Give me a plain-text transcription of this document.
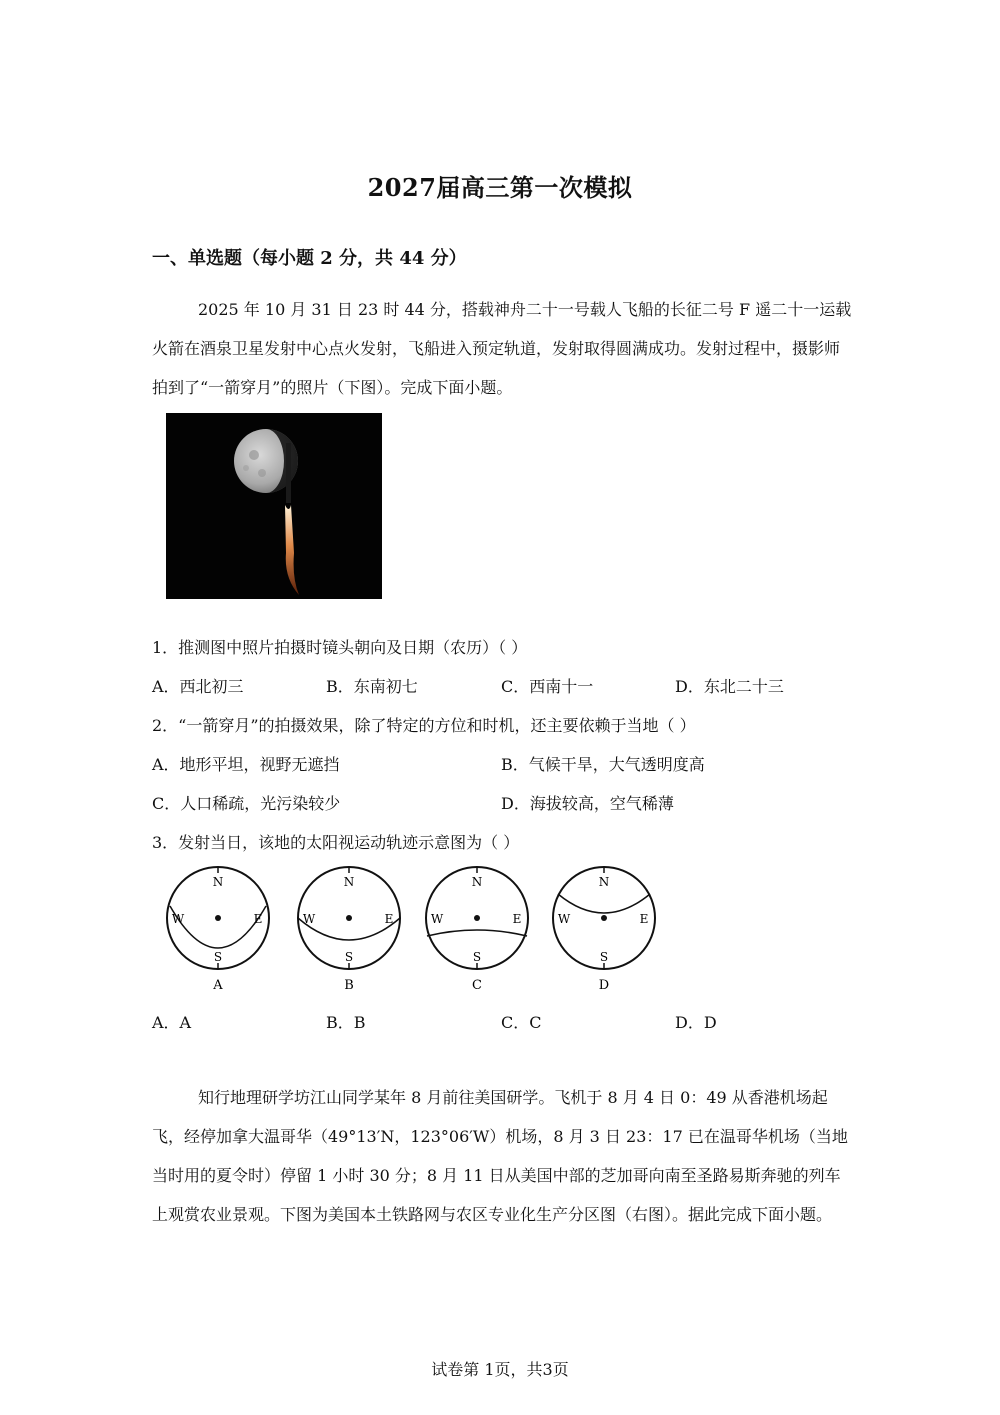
2027届高三第一次模拟
一、单选题（每小题 2 分，共 44 分）

2025 年 10 月 31 日 23 时 44 分，搭载神舟二十一号载人飞船的长征二号 F 遥二十一运载火箭在酒泉卫星发射中心点火发射，飞船进入预定轨道，发射取得圆满成功。发射过程中，摄影师拍到了“一箭穿月”的照片（下图）。完成下面小题。

1．推测图中照片拍摄时镜头朝向及日期（农历）（ ）
A．西北初三	B．东南初七	C．西南十一	D．东北二十三
2．“一箭穿月”的拍摄效果，除了特定的方位和时机，还主要依赖于当地（ ）
A．地形平坦，视野无遮挡	B．气候干旱，大气透明度高
C．人口稀疏，光污染较少	D．海拔较高，空气稀薄
3．发射当日，该地的太阳视运动轨迹示意图为（ ）
N
S
W	E
A
N
S
W	E
B
N
S
W	E
C
N
S
W	E
D
A．A	B．B	C．C	D．D

知行地理研学坊江山同学某年 8 月前往美国研学。飞机于 8 月 4 日 0：49 从香港机场起飞，经停加拿大温哥华（49°13′N，123°06′W）机场，8 月 3 日 23：17 已在温哥华机场（当地当时用的夏令时）停留 1 小时 30 分；8 月 11 日从美国中部的芝加哥向南至圣路易斯奔驰的列车上观赏农业景观。下图为美国本土铁路网与农区专业化生产分区图（右图）。据此完成下面小题。

试卷第 1页，共3页
